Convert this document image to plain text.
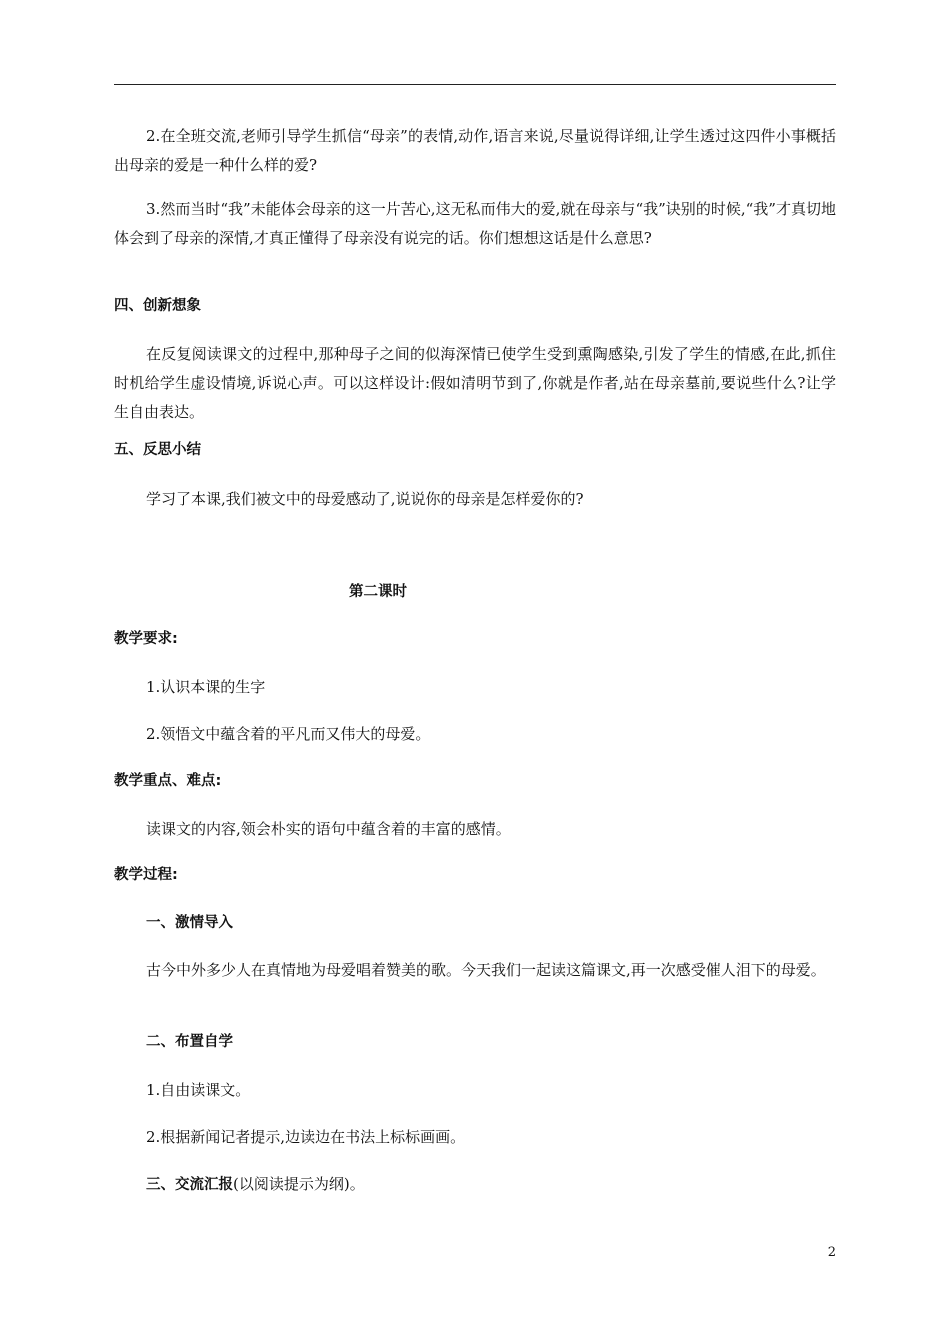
2.在全班交流,老师引导学生抓信“母亲”的表情,动作,语言来说,尽量说得详细,让学生透过这四件小事概括出母亲的爱是一种什么样的爱?

3.然而当时“我”未能体会母亲的这一片苦心,这无私而伟大的爱,就在母亲与“我”诀别的时候,“我”才真切地体会到了母亲的深情,才真正懂得了母亲没有说完的话。你们想想这话是什么意思?

四、创新想象

在反复阅读课文的过程中,那种母子之间的似海深情已使学生受到熏陶感染,引发了学生的情感,在此,抓住时机给学生虚设情境,诉说心声。可以这样设计:假如清明节到了,你就是作者,站在母亲墓前,要说些什么?让学生自由表达。

五、反思小结

学习了本课,我们被文中的母爱感动了,说说你的母亲是怎样爱你的?

第二课时

教学要求:

1.认识本课的生字

2.领悟文中蕴含着的平凡而又伟大的母爱。

教学重点、难点:

读课文的内容,领会朴实的语句中蕴含着的丰富的感情。

教学过程:

一、激情导入

古今中外多少人在真情地为母爱唱着赞美的歌。今天我们一起读这篇课文,再一次感受催人泪下的母爱。

二、布置自学

1.自由读课文。

2.根据新闻记者提示,边读边在书法上标标画画。

三、交流汇报(以阅读提示为纲)。

2
